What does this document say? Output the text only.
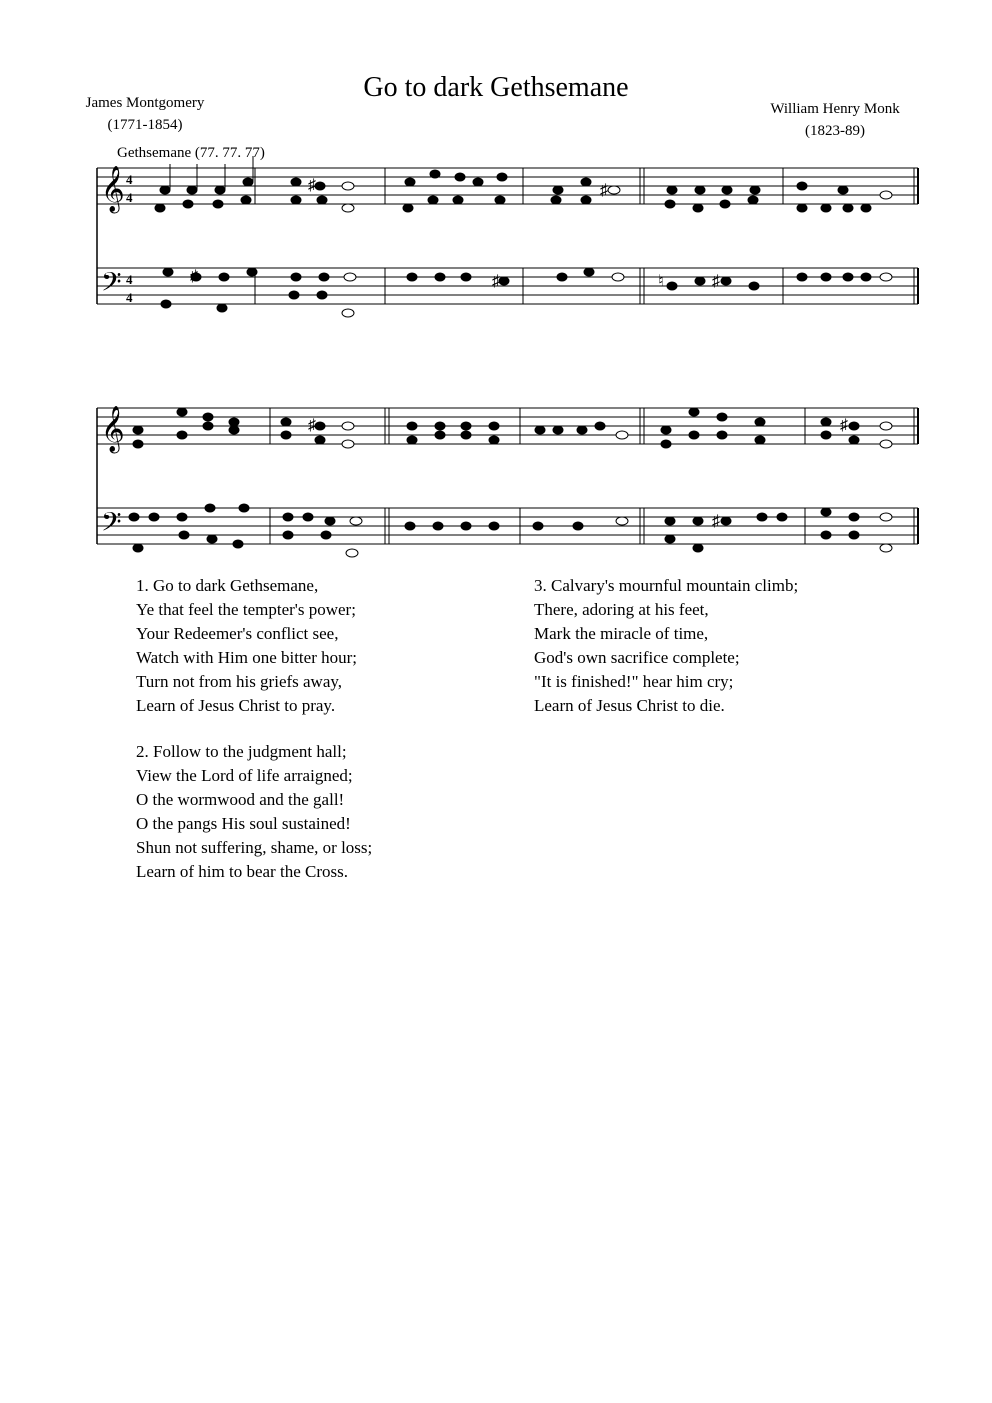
Go to dark Gethsemane
James Montgomery
(1771-1854)
William Henry Monk
(1823-89)
Gethsemane (77. 77. 77)
𝄞
𝄢
4
4
4
4
♯	♯
♯	♯	♮	♯
𝄞
𝄢
♯	♯
♯
1. Go to dark Gethsemane,
Ye that feel the tempter's power;
Your Redeemer's conflict see,
Watch with Him one bitter hour;
Turn not from his griefs away,
Learn of Jesus Christ to pray.
2. Follow to the judgment hall;
View the Lord of life arraigned;
O the wormwood and the gall!
O the pangs His soul sustained!
Shun not suffering, shame, or loss;
Learn of him to bear the Cross.
3. Calvary's mournful mountain climb;
There, adoring at his feet,
Mark the miracle of time,
God's own sacrifice complete;
"It is finished!" hear him cry;
Learn of Jesus Christ to die.
